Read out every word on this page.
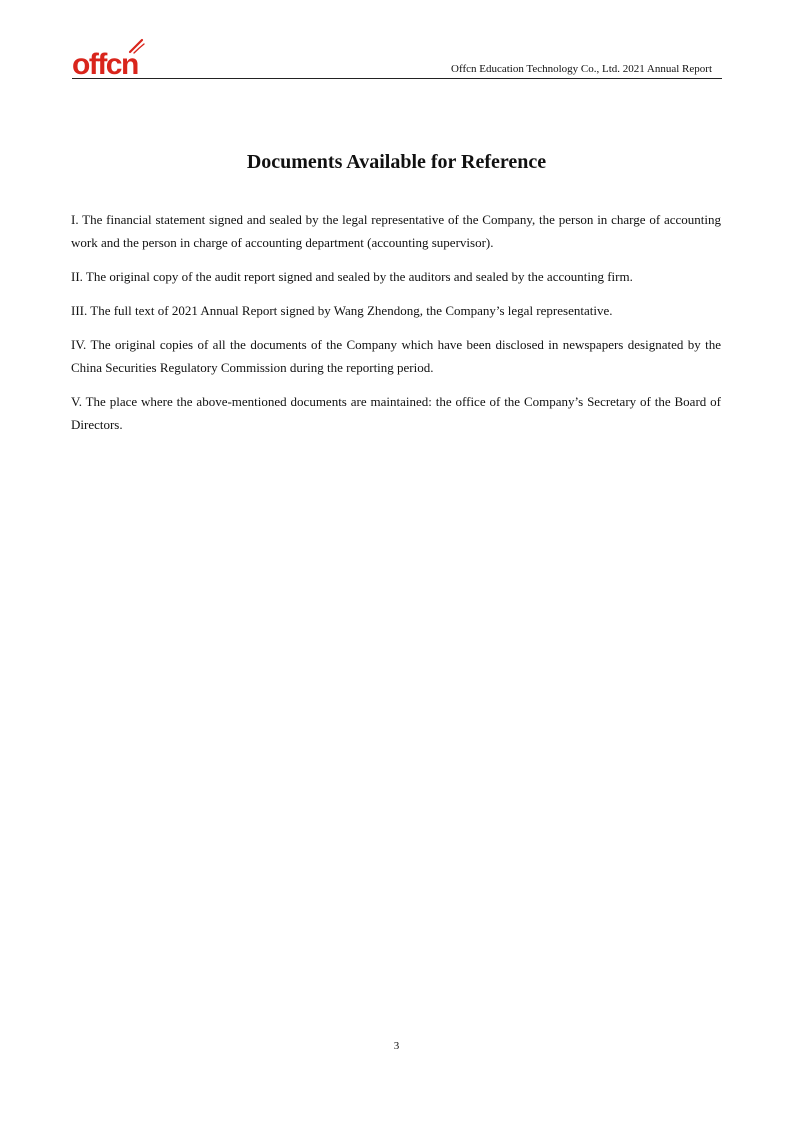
offcn	Offcn Education Technology Co., Ltd. 2021 Annual Report
Documents Available for Reference

I. The financial statement signed and sealed by the legal representative of the Company, the person in charge of accounting work and the person in charge of accounting department (accounting supervisor).

II. The original copy of the audit report signed and sealed by the auditors and sealed by the accounting firm.

III. The full text of 2021 Annual Report signed by Wang Zhendong, the Company’s legal representative.

IV. The original copies of all the documents of the Company which have been disclosed in newspapers designated by the China Securities Regulatory Commission during the reporting period.

V. The place where the above-mentioned documents are maintained: the office of the Company’s Secretary of the Board of Directors.

3
